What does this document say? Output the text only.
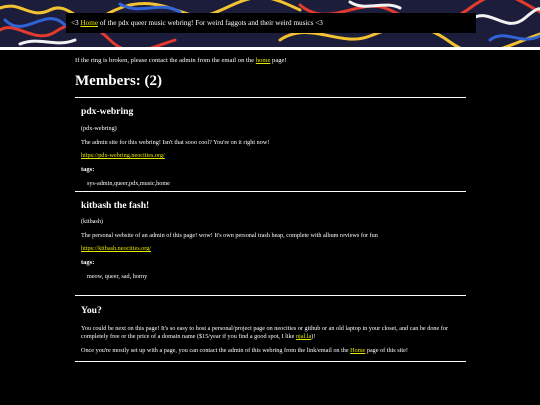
<3 Home of the pdx queer music webring! For weird faggots and their weird musics <3

If the ring is broken, please contact the admin from the email on the home page!

Members: (2)
pdx-webring

(pdx-webring)

The admin site for this webring! Isn't that sooo cool? You're on it right now!

https://pdx-webring.neocities.org/

tags:

sys-admin,queer,pdx,music,home

kitbash the fash!

(kitbash)

The personal website of an admin of this page! wow! It's own personal trash heap, complete with album reviews for fun

https://kitbash.neocities.org/

tags:

meow, queer, sad, horny

You?

You could be next on this page! It's so easy to host a personal/project page on neocities or github or an old laptop in your closet, and can be done for completely free or the price of a domain name ($15/year if you find a good spot, I like njal.la)!

Once you're mostly set up with a page, you can contact the admin of this webring from the link/email on the Home page of this site!
